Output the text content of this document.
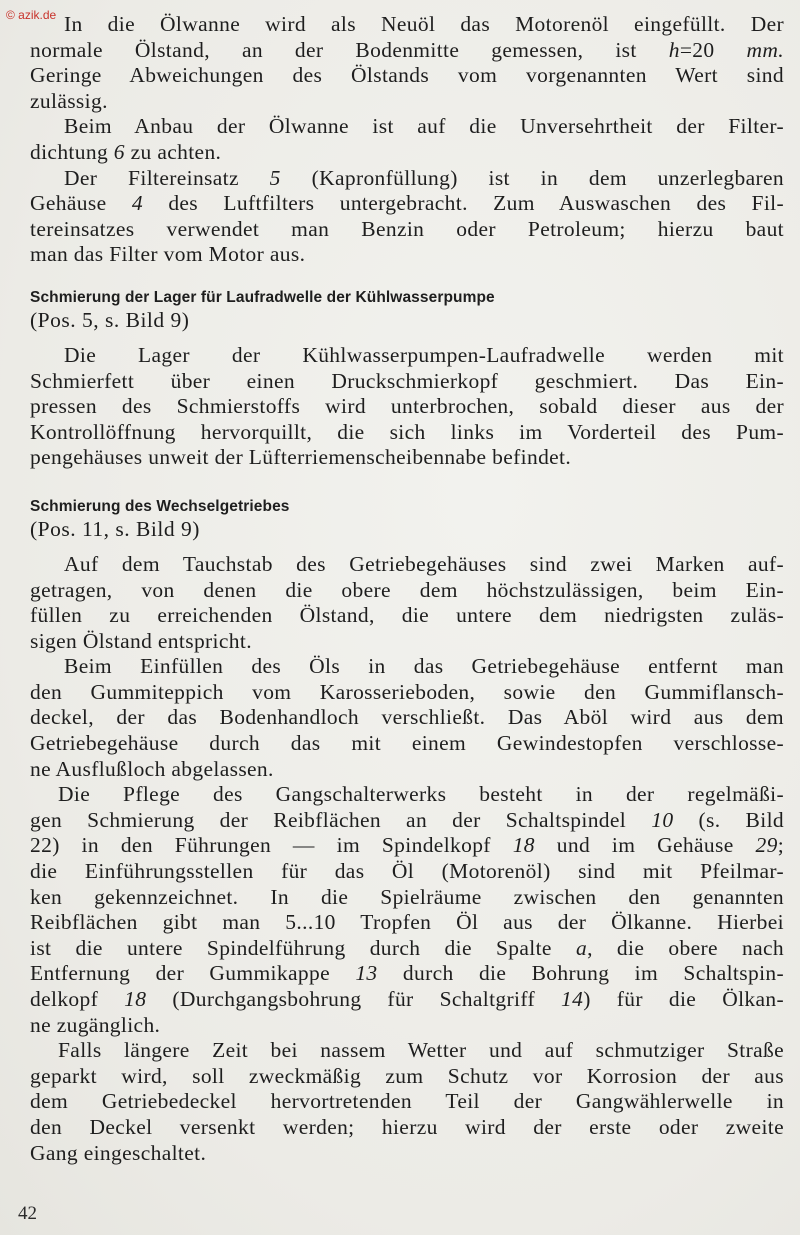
© azik.de In die Ölwanne wird als Neuöl das Motorenöl eingefüllt. Der
normale Ölstand, an der Bodenmitte gemessen, ist h=20 mm.
Geringe Abweichungen des Ölstands vom vorgenannten Wert sind
zulässig.
Beim Anbau der Ölwanne ist auf die Unversehrtheit der Filter-
dichtung 6 zu achten.
Der Filtereinsatz 5 (Kapronfüllung) ist in dem unzerlegbaren
Gehäuse 4 des Luftfilters untergebracht. Zum Auswaschen des Fil-
tereinsatzes verwendet man Benzin oder Petroleum; hierzu baut
man das Filter vom Motor aus.
Schmierung der Lager für Laufradwelle der Kühlwasserpumpe
(Pos. 5, s. Bild 9)
Die Lager der Kühlwasserpumpen-Laufradwelle werden mit
Schmierfett über einen Druckschmierkopf geschmiert. Das Ein-
pressen des Schmierstoffs wird unterbrochen, sobald dieser aus der
Kontrollöffnung hervorquillt, die sich links im Vorderteil des Pum-
pengehäuses unweit der Lüfterriemenscheibennabe befindet.
Schmierung des Wechselgetriebes
(Pos. 11, s. Bild 9)
Auf dem Tauchstab des Getriebegehäuses sind zwei Marken auf-
getragen, von denen die obere dem höchstzulässigen, beim Ein-
füllen zu erreichenden Ölstand, die untere dem niedrigsten zuläs-
sigen Ölstand entspricht.
Beim Einfüllen des Öls in das Getriebegehäuse entfernt man
den Gummiteppich vom Karosserieboden, sowie den Gummiflansch-
deckel, der das Bodenhandloch verschließt. Das Aböl wird aus dem
Getriebegehäuse durch das mit einem Gewindestopfen verschlosse-
ne Ausflußloch abgelassen.
Die Pflege des Gangschalterwerks besteht in der regelmäßi-
gen Schmierung der Reibflächen an der Schaltspindel 10 (s. Bild
22) in den Führungen — im Spindelkopf 18 und im Gehäuse 29;
die Einführungsstellen für das Öl (Motorenöl) sind mit Pfeilmar-
ken gekennzeichnet. In die Spielräume zwischen den genannten
Reibflächen gibt man 5...10 Tropfen Öl aus der Ölkanne. Hierbei
ist die untere Spindelführung durch die Spalte a, die obere nach
Entfernung der Gummikappe 13 durch die Bohrung im Schaltspin-
delkopf 18 (Durchgangsbohrung für Schaltgriff 14) für die Ölkan-
ne zugänglich.
Falls längere Zeit bei nassem Wetter und auf schmutziger Straße
geparkt wird, soll zweckmäßig zum Schutz vor Korrosion der aus
dem Getriebedeckel hervortretenden Teil der Gangwählerwelle in
den Deckel versenkt werden; hierzu wird der erste oder zweite
Gang eingeschaltet.
42
